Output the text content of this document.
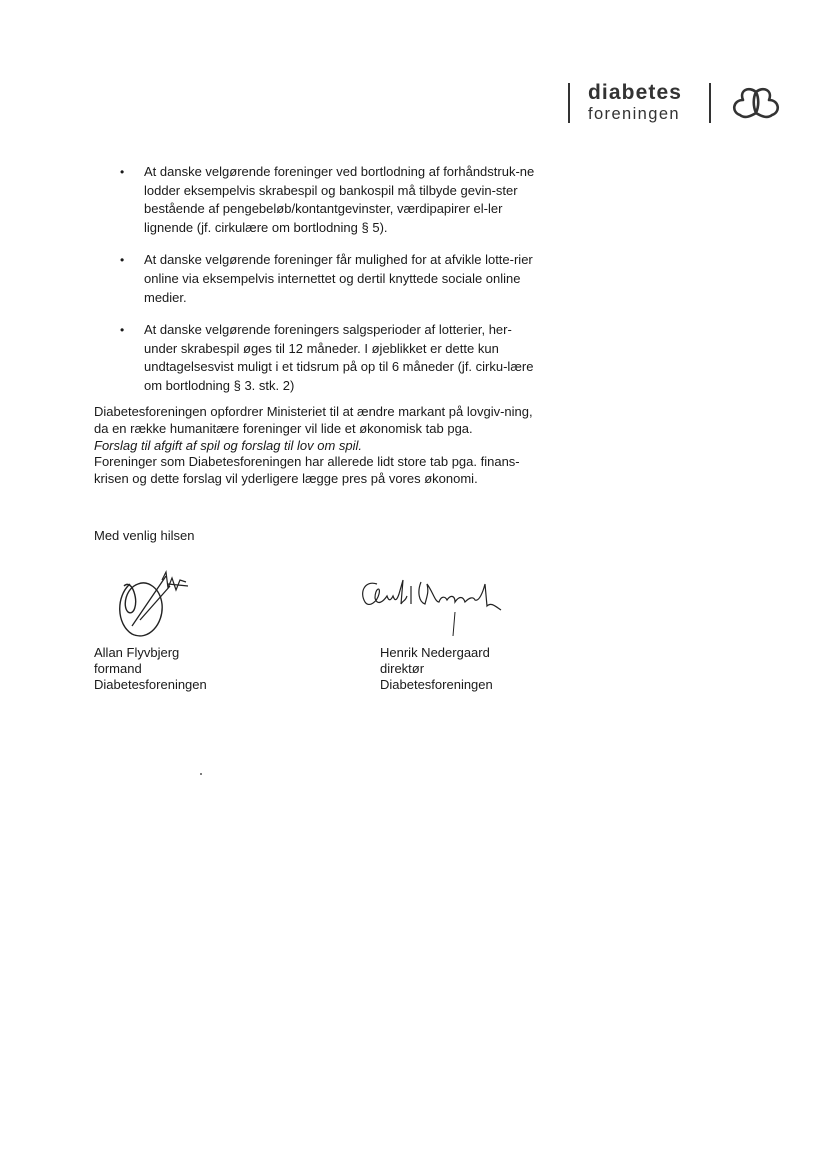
diabetes
foreningen
• At danske velgørende foreninger ved bortlodning af forhåndstruk-ne lodder eksempelvis skrabespil og bankospil må tilbyde gevin-ster bestående af pengebeløb/kontantgevinster, værdipapirer el-ler lignende (jf. cirkulære om bortlodning § 5).
• At danske velgørende foreninger får mulighed for at afvikle lotte-rier online via eksempelvis internettet og dertil knyttede sociale online medier.
• At danske velgørende foreningers salgsperioder af lotterier, her-under skrabespil øges til 12 måneder. I øjeblikket er dette kun undtagelsesvist muligt i et tidsrum på op til 6 måneder (jf. cirku-lære om bortlodning § 3. stk. 2)

Diabetesforeningen opfordrer Ministeriet til at ændre markant på lovgiv-ning, da en række humanitære foreninger vil lide et økonomisk tab pga.

Forslag til afgift af spil og forslag til lov om spil.

Foreninger som Diabetesforeningen har allerede lidt store tab pga. finans-krisen og dette forslag vil yderligere lægge pres på vores økonomi.

Med venlig hilsen
Allan Flyvbjerg
formand
Diabetesforeningen
Henrik Nedergaard
direktør
Diabetesforeningen
